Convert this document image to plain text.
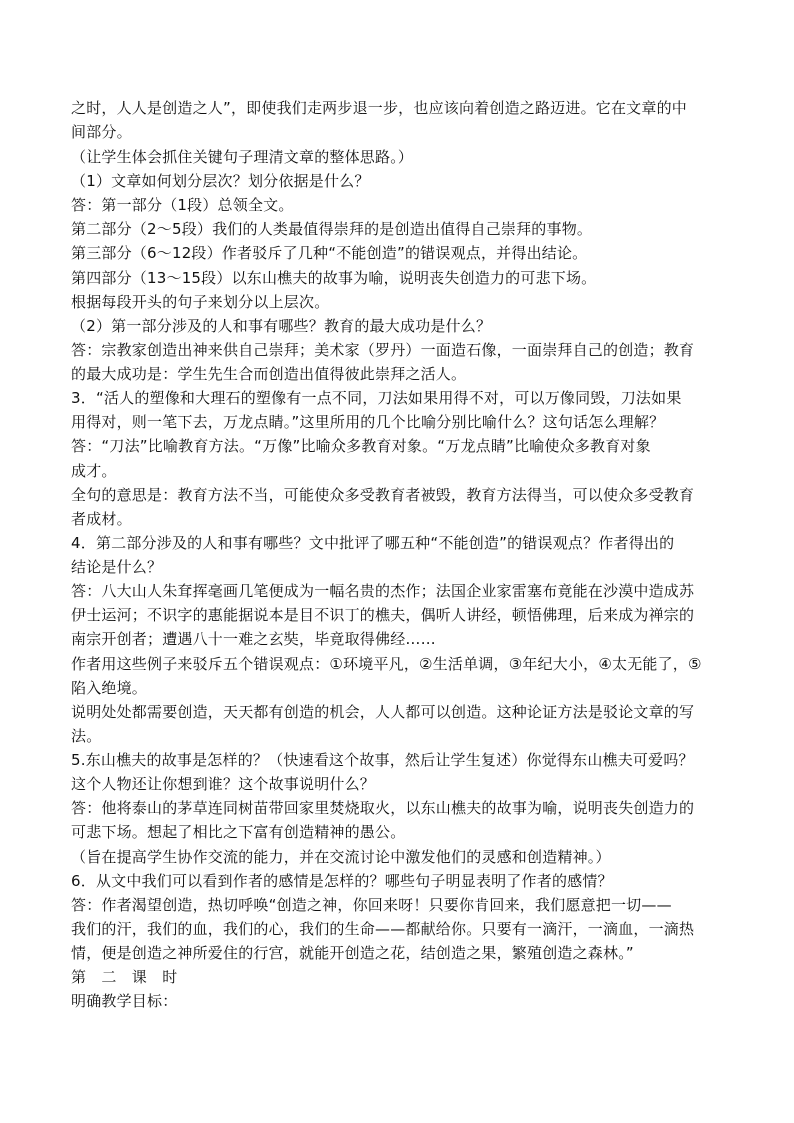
之时，人人是创造之人”，即使我们走两步退一步，也应该向着创造之路迈进。它在文章的中
间部分。
（让学生体会抓住关键句子理清文章的整体思路。）
（1）文章如何划分层次？划分依据是什么？
答：第一部分（1段）总领全文。
第二部分（2～5段）我们的人类最值得崇拜的是创造出值得自己崇拜的事物。
第三部分（6～12段）作者驳斥了几种“不能创造”的错误观点，并得出结论。
第四部分（13～15段）以东山樵夫的故事为喻，说明丧失创造力的可悲下场。
根据每段开头的句子来划分以上层次。
（2）第一部分涉及的人和事有哪些？教育的最大成功是什么？
答：宗教家创造出神来供自己崇拜；美术家（罗丹）一面造石像，一面崇拜自己的创造；教育
的最大成功是：学生先生合而创造出值得彼此崇拜之活人。
3．“活人的塑像和大理石的塑像有一点不同，刀法如果用得不对，可以万像同毁，刀法如果
用得对，则一笔下去，万龙点睛。”这里所用的几个比喻分别比喻什么？这句话怎么理解？
答：“刀法”比喻教育方法。“万像”比喻众多教育对象。“万龙点睛”比喻使众多教育对象
成才。
全句的意思是：教育方法不当，可能使众多受教育者被毁，教育方法得当，可以使众多受教育
者成材。
4．第二部分涉及的人和事有哪些？文中批评了哪五种“不能创造”的错误观点？作者得出的
结论是什么？
答：八大山人朱耷挥毫画几笔便成为一幅名贵的杰作；法国企业家雷塞布竟能在沙漠中造成苏
伊士运河；不识字的惠能据说本是目不识丁的樵夫，偶听人讲经，顿悟佛理，后来成为禅宗的
南宗开创者；遭遇八十一难之玄奘，毕竟取得佛经……
作者用这些例子来驳斥五个错误观点：①环境平凡，②生活单调，③年纪大小，④太无能了，⑤
陷入绝境。
说明处处都需要创造，天天都有创造的机会，人人都可以创造。这种论证方法是驳论文章的写
法。
5.东山樵夫的故事是怎样的？（快速看这个故事，然后让学生复述）你觉得东山樵夫可爱吗？
这个人物还让你想到谁？这个故事说明什么？
答：他将泰山的茅草连同树苗带回家里焚烧取火，以东山樵夫的故事为喻，说明丧失创造力的
可悲下场。想起了相比之下富有创造精神的愚公。
（旨在提高学生协作交流的能力，并在交流讨论中激发他们的灵感和创造精神。）
6．从文中我们可以看到作者的感情是怎样的？哪些句子明显表明了作者的感情？
答：作者渴望创造，热切呼唤“创造之神，你回来呀！只要你肯回来，我们愿意把一切——
我们的汗，我们的血，我们的心，我们的生命——都献给你。只要有一滴汗，一滴血，一滴热
情，便是创造之神所爱住的行宫，就能开创造之花，结创造之果，繁殖创造之森林。”
第　二　课　时
明确教学目标：
